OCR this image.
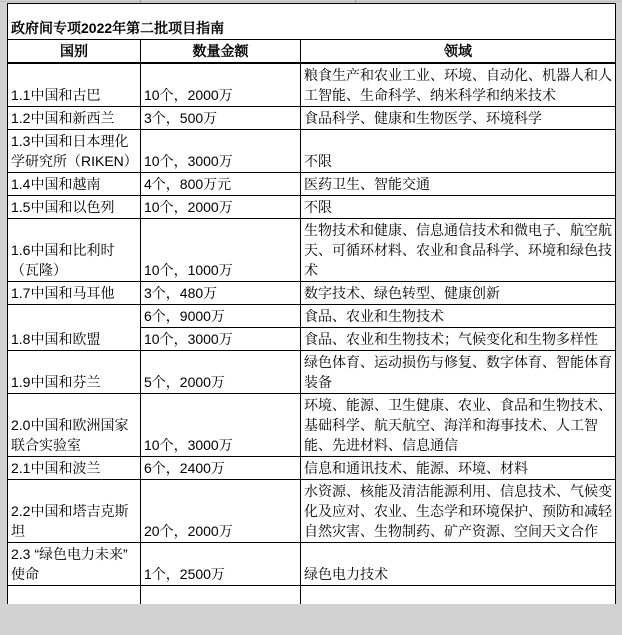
政府间专项2022年第二批项目指南		
国别	数量金额	领域
1.1中国和古巴	10个，2000万	粮食生产和农业工业、环境、自动化、机器人和人工智能、生命科学、纳米科学和纳米技术
1.2中国和新西兰	3个，500万	食品科学、健康和生物医学、环境科学
1.3中国和日本理化学研究所（RIKEN）	10个，3000万	不限
1.4中国和越南	4个，800万元	医药卫生、智能交通
1.5中国和以色列	10个，2000万	不限
1.6中国和比利时（瓦隆）	10个，1000万	生物技术和健康、信息通信技术和微电子、航空航天、可循环材料、农业和食品科学、环境和绿色技术
1.7中国和马耳他	3个，480万	数字技术、绿色转型、健康创新
1.8中国和欧盟	6个，9000万	食品、农业和生物技术
	10个，3000万	食品、农业和生物技术；气候变化和生物多样性
1.9中国和芬兰	5个，2000万	绿色体育、运动损伤与修复、数字体育、智能体育装备
2.0中国和欧洲国家联合实验室	10个，3000万	环境、能源、卫生健康、农业、食品和生物技术、基础科学、航天航空、海洋和海事技术、人工智能、先进材料、信息通信
2.1中国和波兰	6个，2400万	信息和通讯技术、能源、环境、材料
2.2中国和塔吉克斯坦	20个，2000万	水资源、核能及清洁能源利用、信息技术、气候变化及应对、农业、生态学和环境保护、预防和减轻自然灾害、生物制药、矿产资源、空间天文合作
2.3 “绿色电力未来” 使命	1个，2500万	绿色电力技术
